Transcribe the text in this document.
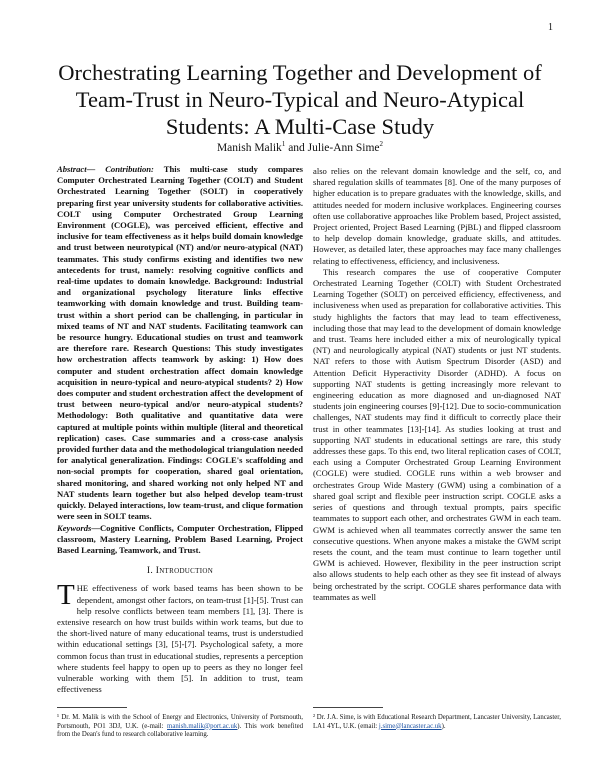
1
Orchestrating Learning Together and Development of Team-Trust in Neuro-Typical and Neuro-Atypical Students: A Multi-Case Study
Manish Malik$^1$ and Julie-Ann Sime$^2$

Abstract— Contribution: This multi-case study compares Computer Orchestrated Learning Together (COLT) and Student Orchestrated Learning Together (SOLT) in cooperatively preparing first year university students for collaborative activities. COLT using Computer Orchestrated Group Learning Environment (COGLE), was perceived efficient, effective and inclusive for team effectiveness as it helps build domain knowledge and trust between neurotypical (NT) and/or neuro-atypical (NAT) teammates. This study confirms existing and identifies two new antecedents for trust, namely: resolving cognitive conflicts and real-time updates to domain knowledge. Background: Industrial and organizational psychology literature links effective teamworking with domain knowledge and trust. Building team-trust within a short period can be challenging, in particular in mixed teams of NT and NAT students. Facilitating teamwork can be resource hungry. Educational studies on trust and teamwork are therefore rare. Research Questions: This study investigates how orchestration affects teamwork by asking: 1) How does computer and student orchestration affect domain knowledge acquisition in neuro-typical and neuro-atypical students? 2) How does computer and student orchestration affect the development of trust between neuro-typical and/or neuro-atypical students? Methodology: Both qualitative and quantitative data were captured at multiple points within multiple (literal and theoretical replication) cases. Case summaries and a cross-case analysis provided further data and the methodological triangulation needed for analytical generalization. Findings: COGLE's scaffolding and non-social prompts for cooperation, shared goal orientation, shared monitoring, and shared working not only helped NT and NAT students learn together but also helped develop team-trust quickly. Delayed interactions, low team-trust, and clique formation were seen in SOLT teams.

Keywords—Cognitive Conflicts, Computer Orchestration, Flipped classroom, Mastery Learning, Problem Based Learning, Project Based Learning, Teamwork, and Trust.

I. Introduction

THE effectiveness of work based teams has been shown to be dependent, amongst other factors, on team-trust [1]-[5]. Trust can help resolve conflicts between team members [1], [3]. There is extensive research on how trust builds within work teams, but due to the short-lived nature of many educational teams, trust is understudied within educational settings [3], [5]-[7]. Psychological safety, a more common focus than trust in educational studies, represents a perception where students feel happy to open up to peers as they no longer feel vulnerable working with them [5]. In addition to trust, team effectiveness

also relies on the relevant domain knowledge and the self, co, and shared regulation skills of teammates [8]. One of the many purposes of higher education is to prepare graduates with the knowledge, skills, and attitudes needed for modern inclusive workplaces. Engineering courses often use collaborative approaches like Problem based, Project assisted, Project oriented, Project Based Learning (PjBL) and flipped classroom to help develop domain knowledge, graduate skills, and attitudes. However, as detailed later, these approaches may face many challenges relating to effectiveness, efficiency, and inclusiveness.

This research compares the use of cooperative Computer Orchestrated Learning Together (COLT) with Student Orchestrated Learning Together (SOLT) on perceived efficiency, effectiveness, and inclusiveness when used as preparation for collaborative activities. This study highlights the factors that may lead to team effectiveness, including those that may lead to the development of domain knowledge and trust. Teams here included either a mix of neurologically typical (NT) and neurologically atypical (NAT) students or just NT students. NAT refers to those with Autism Spectrum Disorder (ASD) and Attention Deficit Hyperactivity Disorder (ADHD). A focus on supporting NAT students is getting increasingly more relevant to engineering education as more diagnosed and un-diagnosed NAT students join engineering courses [9]-[12]. Due to socio-communication challenges, NAT students may find it difficult to correctly place their trust in other teammates [13]-[14]. As studies looking at trust and supporting NAT students in educational settings are rare, this study addresses these gaps. To this end, two literal replication cases of COLT, each using a Computer Orchestrated Group Learning Environment (COGLE) were studied. COGLE runs within a web browser and orchestrates Group Wide Mastery (GWM) using a combination of a shared goal script and flexible peer instruction script. COGLE asks a series of questions and through textual prompts, pairs specific teammates to support each other, and orchestrates GWM in each team. GWM is achieved when all teammates correctly answer the same ten consecutive questions. When anyone makes a mistake the GWM script resets the count, and the team must continue to learn together until GWM is achieved. However, flexibility in the peer instruction script also allows students to help each other as they see fit instead of always being orchestrated by the script. COGLE shares performance data with teammates as well

¹ Dr. M. Malik is with the School of Energy and Electronics, University of Portsmouth, Portsmouth, PO1 3DJ, U.K. (e-mail: manish.malik@port.ac.uk). This work benefited from the Dean's fund to research collaborative learning.
² Dr. J.A. Sime, is with Educational Research Department, Lancaster University, Lancaster, LA1 4YL, U.K. (email: j.sime@lancaster.ac.uk).
